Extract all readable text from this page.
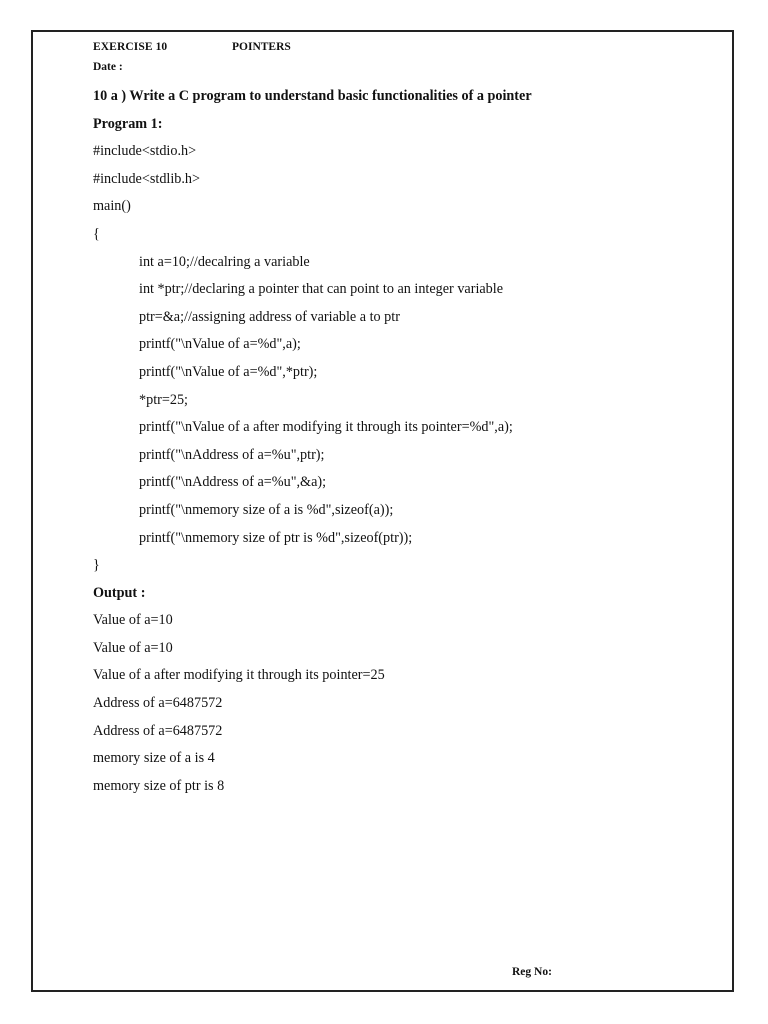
EXERCISE 10	POINTERS
Date :
10 a ) Write a C program to understand basic functionalities of a pointer
Program 1:
#include<stdio.h>
#include<stdlib.h>
main()
{
int a=10;//decalring a variable
int *ptr;//declaring a pointer that can point to an integer variable
ptr=&a;//assigning address of variable a to ptr
printf("\nValue of a=%d",a);
printf("\nValue of a=%d",*ptr);
*ptr=25;
printf("\nValue of a after modifying it through its pointer=%d",a);
printf("\nAddress of a=%u",ptr);
printf("\nAddress of a=%u",&a);
printf("\nmemory size of a is %d",sizeof(a));
printf("\nmemory size of ptr is %d",sizeof(ptr));
}
Output :
Value of a=10
Value of a=10
Value of a after modifying it through its pointer=25
Address of a=6487572
Address of a=6487572
memory size of a is 4
memory size of ptr is 8
Reg No:
